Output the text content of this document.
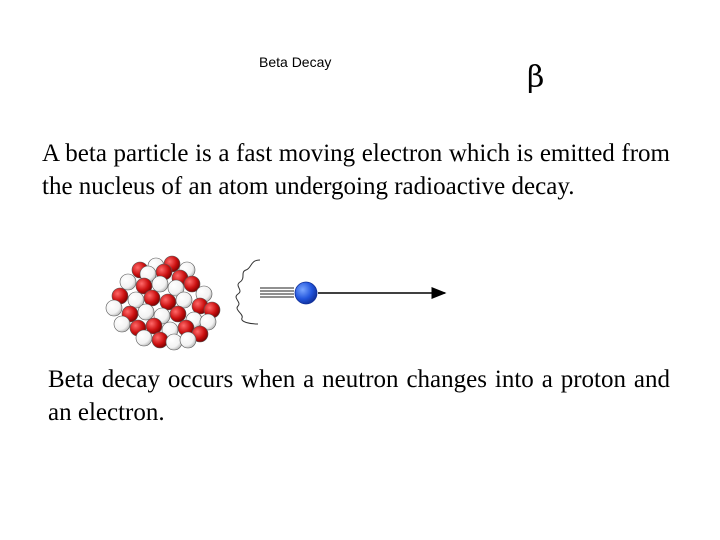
Beta Decay	β

A beta particle is a fast moving electron which is emitted from the nucleus of an atom undergoing radioactive decay.

Beta decay occurs when a neutron changes into a proton and an electron.
